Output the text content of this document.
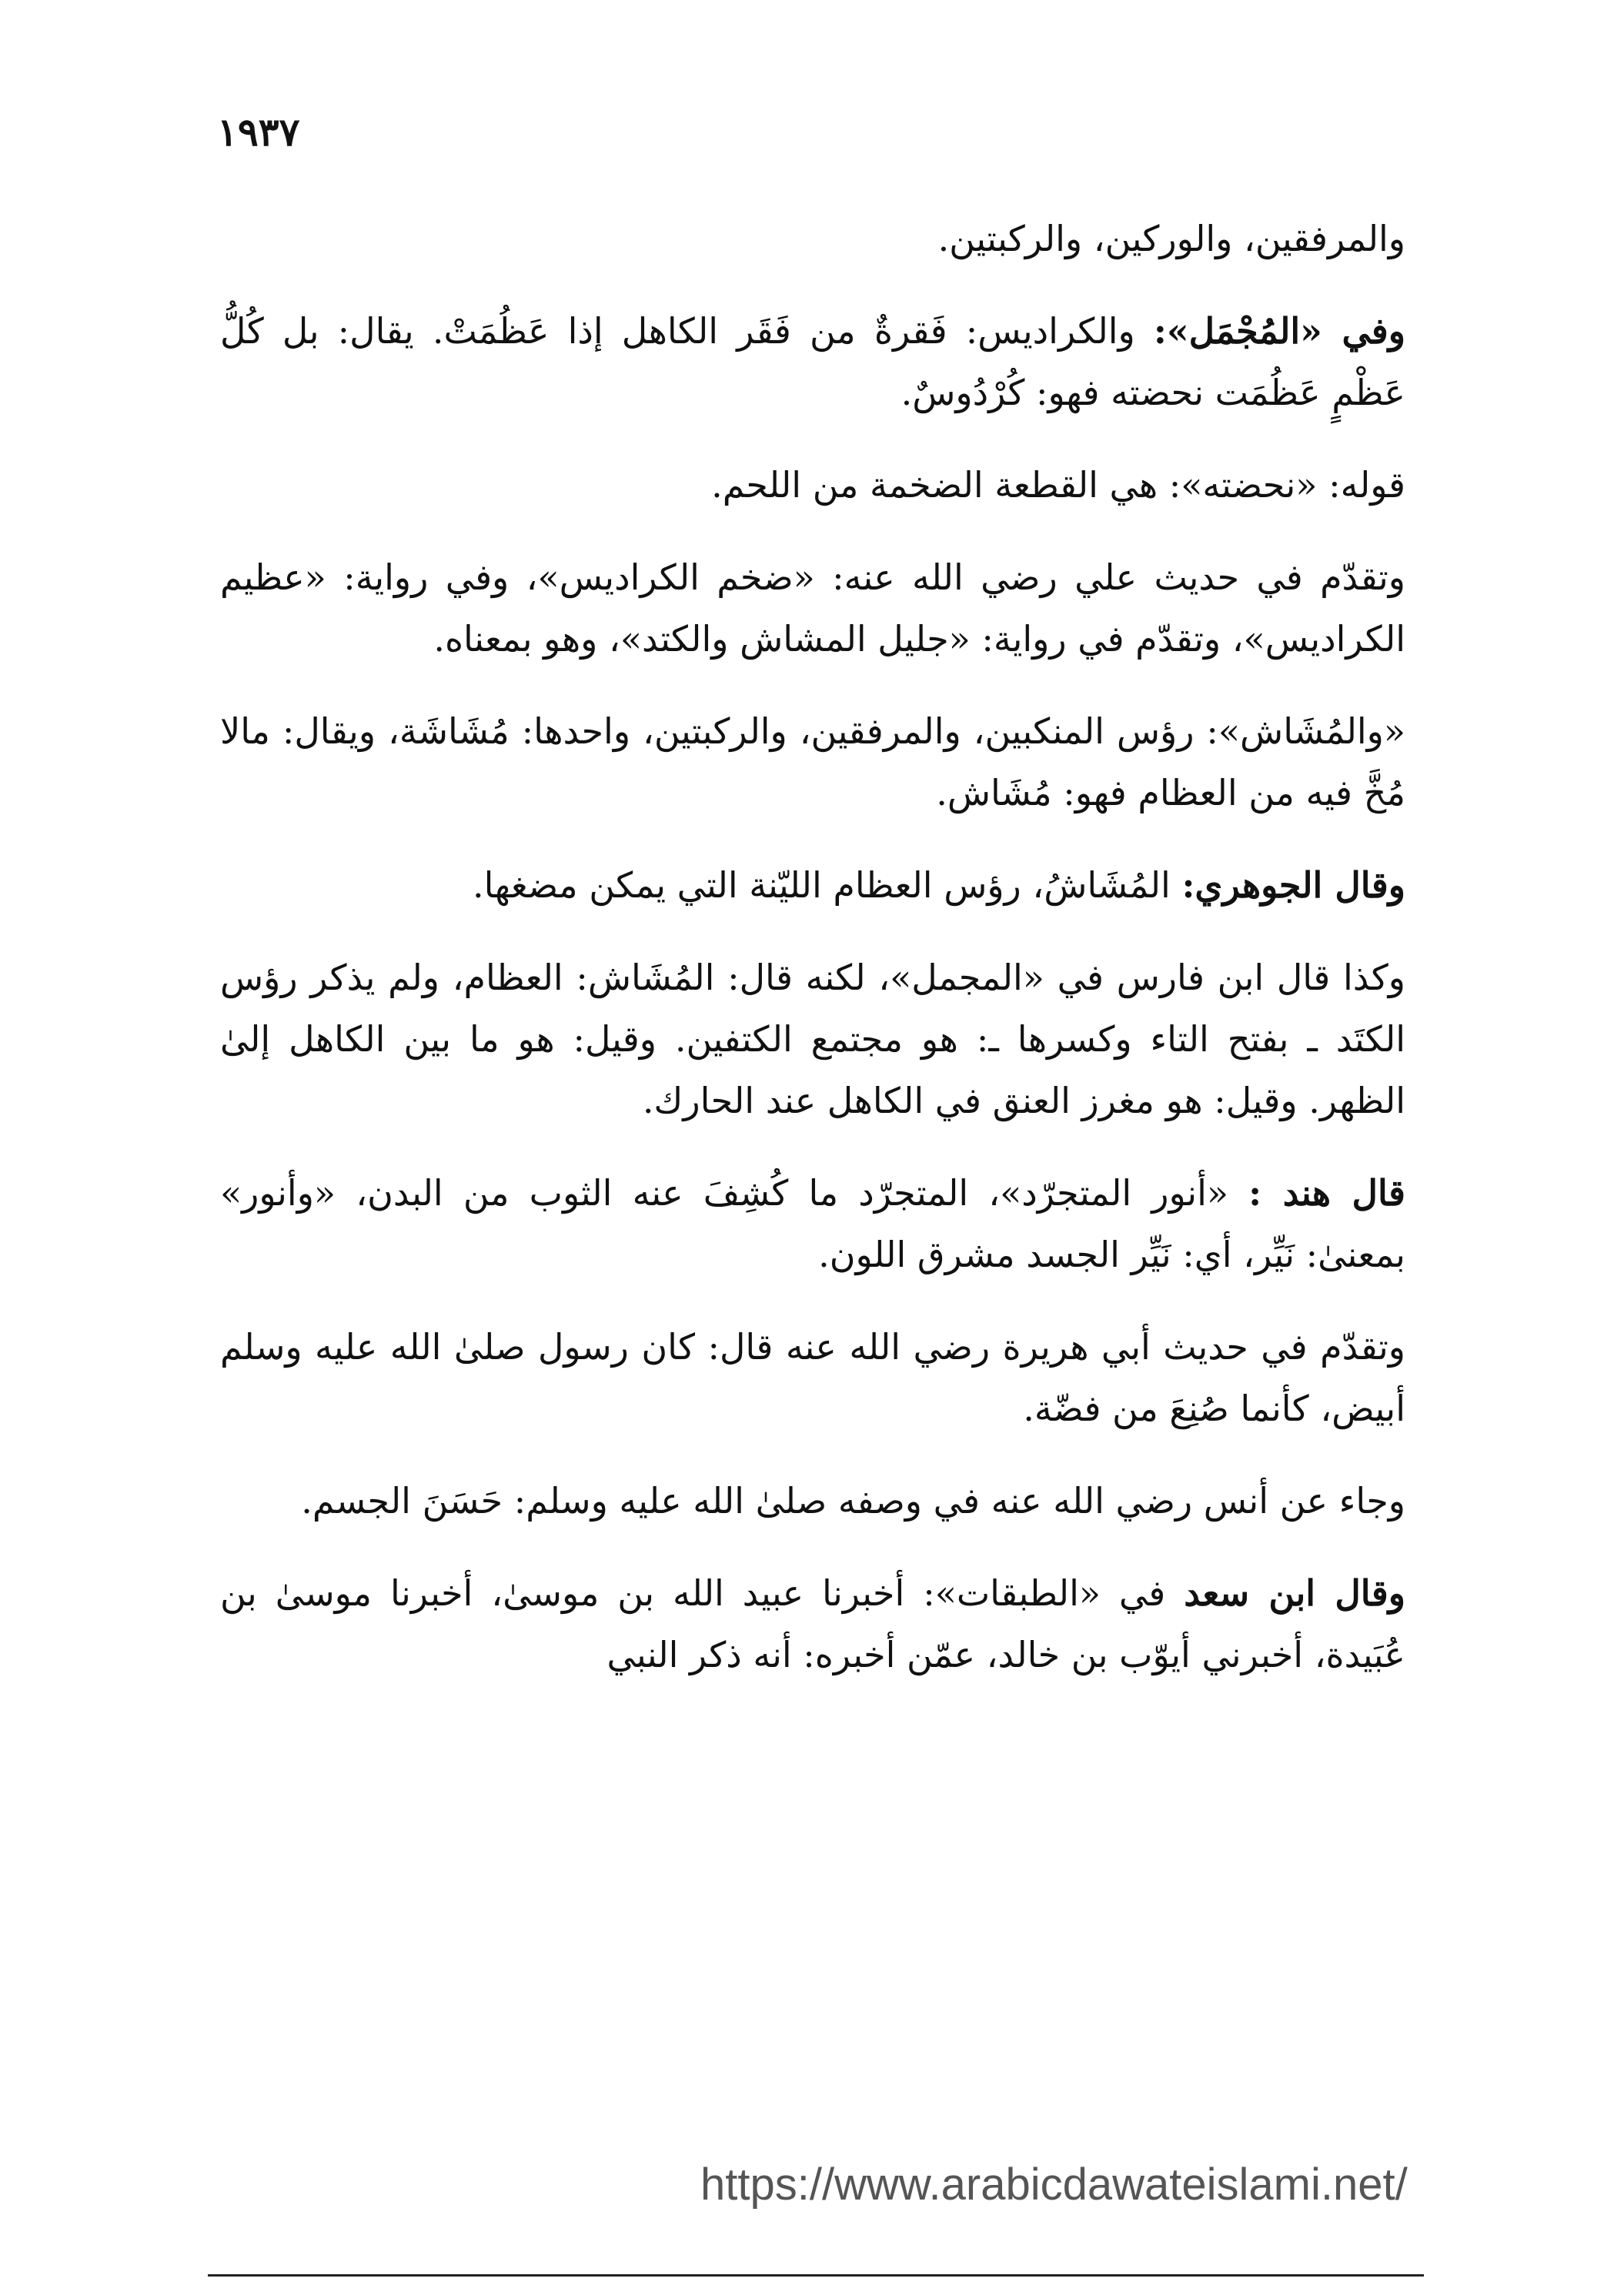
١٩٣٧

والمرفقين، والوركين، والركبتين.

وفي «المُجْمَل»: والكراديس: فَقرةٌ من فَقَر الكاهل إذا عَظُمَتْ. يقال: بل كُلُّ عَظْمٍ عَظُمَت نحضته فهو: كُرْدُوسٌ.

قوله: «نحضته»: هي القطعة الضخمة من اللحم.

وتقدّم في حديث علي رضي الله عنه: «ضخم الكراديس»، وفي رواية: «عظيم الكراديس»، وتقدّم في رواية: «جليل المشاش والكتد»، وهو بمعناه.

«والمُشَاش»: رؤس المنكبين، والمرفقين، والركبتين، واحدها: مُشَاشَة، ويقال: مالا مُخَّ فيه من العظام فهو: مُشَاش.

وقال الجوهري: المُشَاشُ، رؤس العظام الليّنة التي يمكن مضغها.

وكذا قال ابن فارس في «المجمل»، لكنه قال: المُشَاش: العظام، ولم يذكر رؤس الكتَد ـ بفتح التاء وكسرها ـ: هو مجتمع الكتفين. وقيل: هو ما بين الكاهل إلىٰ الظهر. وقيل: هو مغرز العنق في الكاهل عند الحارك.

قال هند : «أنور المتجرّد»، المتجرّد ما كُشِفَ عنه الثوب من البدن، «وأنور» بمعنىٰ: نَيِّر، أي: نَيِّر الجسد مشرق اللون.

وتقدّم في حديث أبي هريرة رضي الله عنه قال: كان رسول صلىٰ الله عليه وسلم أبيض، كأنما صُنِعَ من فضّة.

وجاء عن أنس رضي الله عنه في وصفه صلىٰ الله عليه وسلم: حَسَنَ الجسم.

وقال ابن سعد في «الطبقات»: أخبرنا عبيد الله بن موسىٰ، أخبرنا موسىٰ بن عُبَيدة، أخبرني أيوّب بن خالد، عمّن أخبره: أنه ذكر النبي

https://www.arabicdawateislami.net/
